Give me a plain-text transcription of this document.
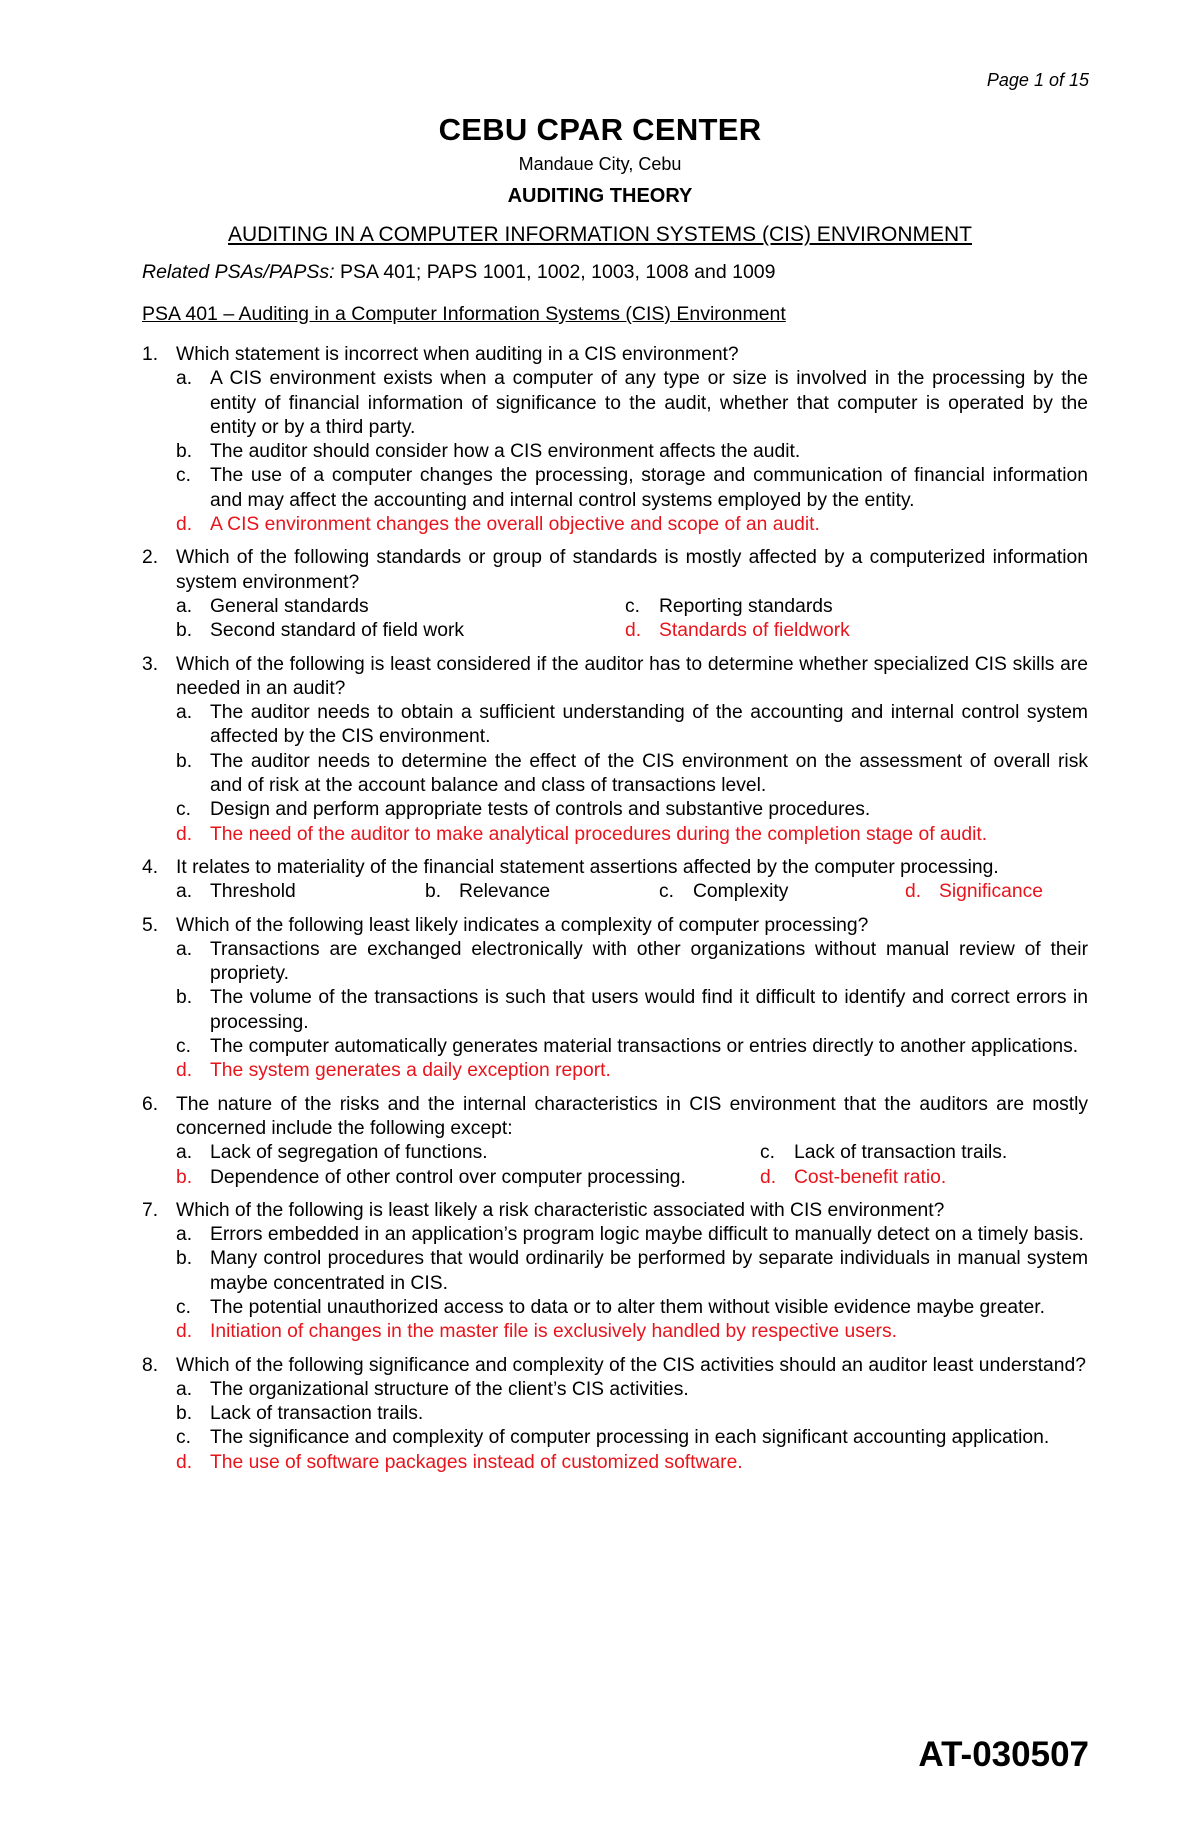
Page 1 of 15
CEBU CPAR CENTER
Mandaue City, Cebu
AUDITING THEORY
AUDITING IN A COMPUTER INFORMATION SYSTEMS (CIS) ENVIRONMENT
Related PSAs/PAPSs: PSA 401; PAPS 1001, 1002, 1003, 1008 and 1009
PSA 401 – Auditing in a Computer Information Systems (CIS) Environment
1. Which statement is incorrect when auditing in a CIS environment?
a. A CIS environment exists when a computer of any type or size is involved in the processing by the entity of financial information of significance to the audit, whether that computer is operated by the entity or by a third party.
b. The auditor should consider how a CIS environment affects the audit.
c. The use of a computer changes the processing, storage and communication of financial information and may affect the accounting and internal control systems employed by the entity.
d. A CIS environment changes the overall objective and scope of an audit.
2. Which of the following standards or group of standards is mostly affected by a computerized information system environment?
a. General standards	c. Reporting standards
b. Second standard of field work	d. Standards of fieldwork
3. Which of the following is least considered if the auditor has to determine whether specialized CIS skills are needed in an audit?
a. The auditor needs to obtain a sufficient understanding of the accounting and internal control system affected by the CIS environment.
b. The auditor needs to determine the effect of the CIS environment on the assessment of overall risk and of risk at the account balance and class of transactions level.
c. Design and perform appropriate tests of controls and substantive procedures.
d. The need of the auditor to make analytical procedures during the completion stage of audit.
4. It relates to materiality of the financial statement assertions affected by the computer processing.
a. Threshold	b. Relevance	c. Complexity	d. Significance
5. Which of the following least likely indicates a complexity of computer processing?
a. Transactions are exchanged electronically with other organizations without manual review of their propriety.
b. The volume of the transactions is such that users would find it difficult to identify and correct errors in processing.
c. The computer automatically generates material transactions or entries directly to another applications.
d. The system generates a daily exception report.
6. The nature of the risks and the internal characteristics in CIS environment that the auditors are mostly concerned include the following except:
a. Lack of segregation of functions.	c. Lack of transaction trails.
b. Dependence of other control over computer processing.	d. Cost-benefit ratio.
7. Which of the following is least likely a risk characteristic associated with CIS environment?
a. Errors embedded in an application’s program logic maybe difficult to manually detect on a timely basis.
b. Many control procedures that would ordinarily be performed by separate individuals in manual system maybe concentrated in CIS.
c. The potential unauthorized access to data or to alter them without visible evidence maybe greater.
d. Initiation of changes in the master file is exclusively handled by respective users.
8. Which of the following significance and complexity of the CIS activities should an auditor least understand?
a. The organizational structure of the client’s CIS activities.
b. Lack of transaction trails.
c. The significance and complexity of computer processing in each significant accounting application.
d. The use of software packages instead of customized software.
AT-030507
